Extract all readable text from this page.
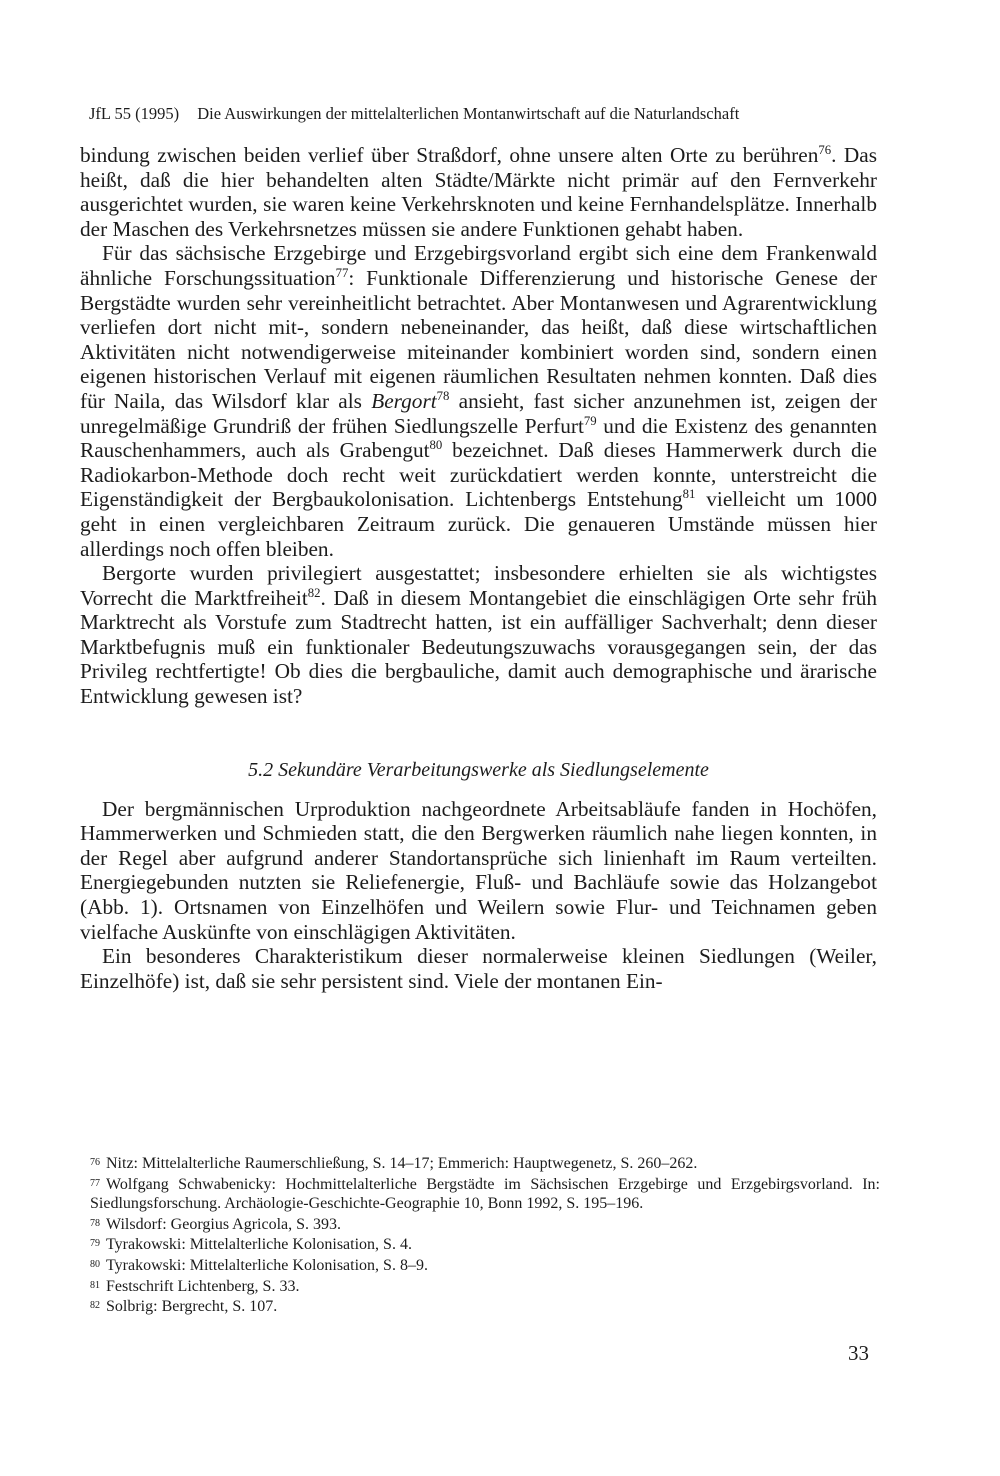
JfL 55 (1995) Die Auswirkungen der mittelalterlichen Montanwirtschaft auf die Naturlandschaft

bindung zwischen beiden verlief über Straßdorf, ohne unsere alten Orte zu berühren$^{76}$. Das heißt, daß die hier behandelten alten Städte/Märkte nicht primär auf den Fernverkehr ausgerichtet wurden, sie waren keine Verkehrsknoten und keine Fernhandelsplätze. Innerhalb der Maschen des Verkehrsnetzes müssen sie andere Funktionen gehabt haben.

Für das sächsische Erzgebirge und Erzgebirgsvorland ergibt sich eine dem Frankenwald ähnliche Forschungssituation$^{77}$: Funktionale Differenzierung und historische Genese der Bergstädte wurden sehr vereinheitlicht betrachtet. Aber Montanwesen und Agrarentwicklung verliefen dort nicht mit-, sondern nebeneinander, das heißt, daß diese wirtschaftlichen Aktivitäten nicht notwendigerweise miteinander kombiniert worden sind, sondern einen eigenen historischen Verlauf mit eigenen räumlichen Resultaten nehmen konnten. Daß dies für Naila, das Wilsdorf klar als Bergort$^{78}$ ansieht, fast sicher anzunehmen ist, zeigen der unregelmäßige Grundriß der frühen Siedlungszelle Perfurt$^{79}$ und die Existenz des genannten Rauschenhammers, auch als Grabengut$^{80}$ bezeichnet. Daß dieses Hammerwerk durch die Radiokarbon-Methode doch recht weit zurückdatiert werden konnte, unterstreicht die Eigenständigkeit der Bergbaukolonisation. Lichtenbergs Entstehung$^{81}$ vielleicht um 1000 geht in einen vergleichbaren Zeitraum zurück. Die genaueren Umstände müssen hier allerdings noch offen bleiben.

Bergorte wurden privilegiert ausgestattet; insbesondere erhielten sie als wichtigstes Vorrecht die Marktfreiheit$^{82}$. Daß in diesem Montangebiet die einschlägigen Orte sehr früh Marktrecht als Vorstufe zum Stadtrecht hatten, ist ein auffälliger Sachverhalt; denn dieser Marktbefugnis muß ein funktionaler Bedeutungszuwachs vorausgegangen sein, der das Privileg rechtfertigte! Ob dies die bergbauliche, damit auch demographische und ärarische Entwicklung gewesen ist?

5.2 Sekundäre Verarbeitungswerke als Siedlungselemente

Der bergmännischen Urproduktion nachgeordnete Arbeitsabläufe fanden in Hochöfen, Hammerwerken und Schmieden statt, die den Bergwerken räumlich nahe liegen konnten, in der Regel aber aufgrund anderer Standortansprüche sich linienhaft im Raum verteilten. Energiegebunden nutzten sie Reliefenergie, Fluß- und Bachläufe sowie das Holzangebot (Abb. 1). Ortsnamen von Einzelhöfen und Weilern sowie Flur- und Teichnamen geben vielfache Auskünfte von einschlägigen Aktivitäten.

Ein besonderes Charakteristikum dieser normalerweise kleinen Siedlungen (Weiler, Einzelhöfe) ist, daß sie sehr persistent sind. Viele der montanen Ein-

76 Nitz: Mittelalterliche Raumerschließung, S. 14–17; Emmerich: Hauptwegenetz, S. 260–262.

77 Wolfgang Schwabenicky: Hochmittelalterliche Bergstädte im Sächsischen Erzgebirge und Erzgebirgsvorland. In: Siedlungsforschung. Archäologie-Geschichte-Geographie 10, Bonn 1992, S. 195–196.

78 Wilsdorf: Georgius Agricola, S. 393.

79 Tyrakowski: Mittelalterliche Kolonisation, S. 4.

80 Tyrakowski: Mittelalterliche Kolonisation, S. 8–9.

81 Festschrift Lichtenberg, S. 33.

82 Solbrig: Bergrecht, S. 107.

33
